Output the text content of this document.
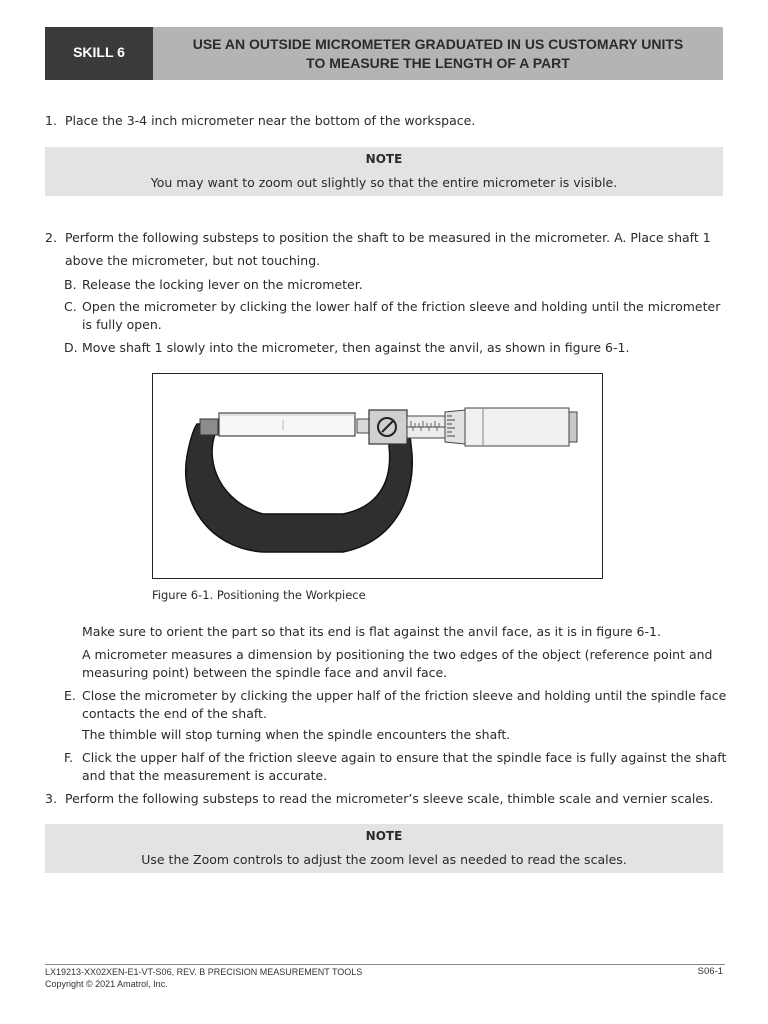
SKILL 6	USE AN OUTSIDE MICROMETER GRADUATED IN US CUSTOMARY UNITS
TO MEASURE THE LENGTH OF A PART
1. Place the 3-4 inch micrometer near the bottom of the workspace.
NOTE
You may want to zoom out slightly so that the entire micrometer is visible.
2. Perform the following substeps to position the shaft to be measured in the micrometer. A. Place shaft 1
above the micrometer, but not touching.
B. Release the locking lever on the micrometer.
C. Open the micrometer by clicking the lower half of the friction sleeve and holding until the micrometer
is fully open.
D. Move shaft 1 slowly into the micrometer, then against the anvil, as shown in figure 6-1.
Figure 6-1. Positioning the Workpiece
Make sure to orient the part so that its end is flat against the anvil face, as it is in figure 6-1.
A micrometer measures a dimension by positioning the two edges of the object (reference point and
measuring point) between the spindle face and anvil face.
E. Close the micrometer by clicking the upper half of the friction sleeve and holding until the spindle face
contacts the end of the shaft.
The thimble will stop turning when the spindle encounters the shaft.
F. Click the upper half of the friction sleeve again to ensure that the spindle face is fully against the shaft
and that the measurement is accurate.
3. Perform the following substeps to read the micrometer’s sleeve scale, thimble scale and vernier scales.
NOTE
Use the Zoom controls to adjust the zoom level as needed to read the scales.
LX19213-XX02XEN-E1-VT-S06, REV. B PRECISION MEASUREMENT TOOLS
Copyright © 2021 Amatrol, Inc.
S06-1
